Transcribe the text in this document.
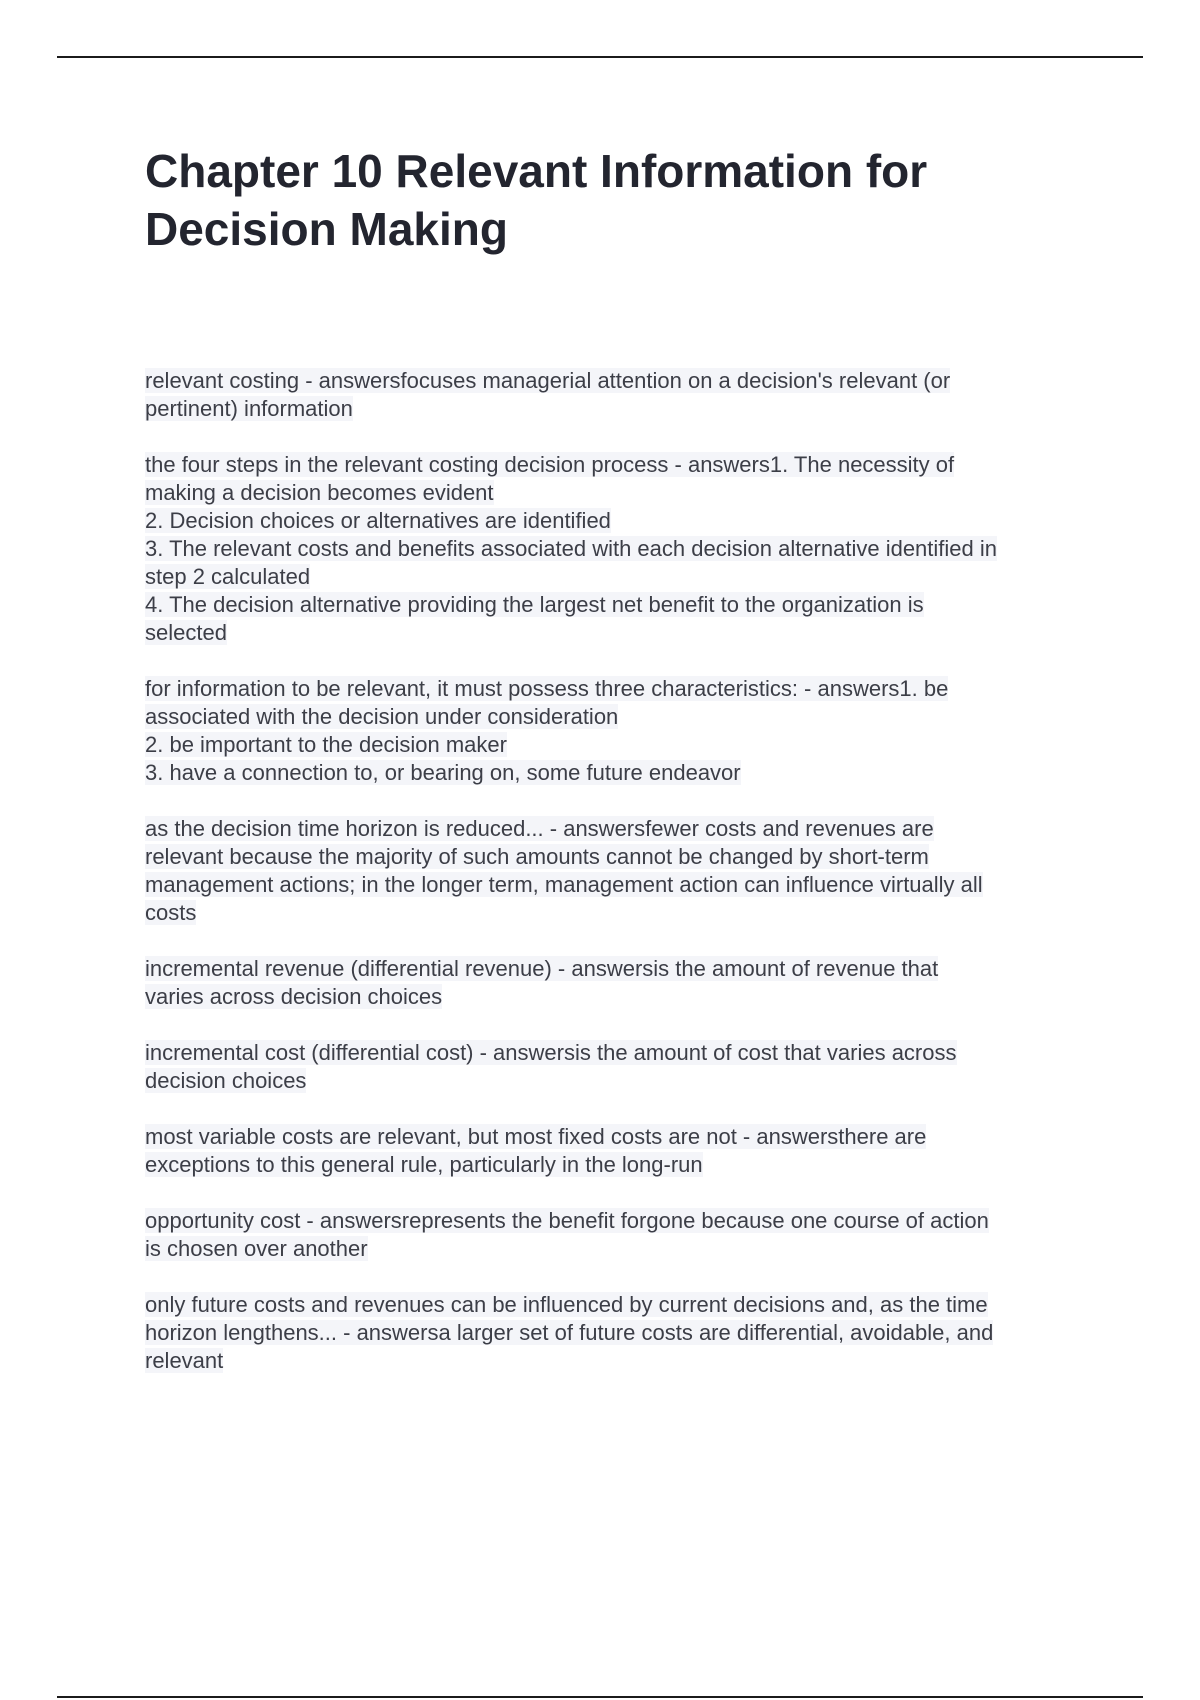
Chapter 10 Relevant Information for Decision Making
relevant costing - answersfocuses managerial attention on a decision's relevant (or
pertinent) information
the four steps in the relevant costing decision process - answers1. The necessity of
making a decision becomes evident
2. Decision choices or alternatives are identified
3. The relevant costs and benefits associated with each decision alternative identified in
step 2 calculated
4. The decision alternative providing the largest net benefit to the organization is
selected
for information to be relevant, it must possess three characteristics: - answers1. be
associated with the decision under consideration
2. be important to the decision maker
3. have a connection to, or bearing on, some future endeavor
as the decision time horizon is reduced... - answersfewer costs and revenues are
relevant because the majority of such amounts cannot be changed by short-term
management actions; in the longer term, management action can influence virtually all
costs
incremental revenue (differential revenue) - answersis the amount of revenue that
varies across decision choices
incremental cost (differential cost) - answersis the amount of cost that varies across
decision choices
most variable costs are relevant, but most fixed costs are not - answersthere are
exceptions to this general rule, particularly in the long-run
opportunity cost - answersrepresents the benefit forgone because one course of action
is chosen over another
only future costs and revenues can be influenced by current decisions and, as the time
horizon lengthens... - answersa larger set of future costs are differential, avoidable, and
relevant
